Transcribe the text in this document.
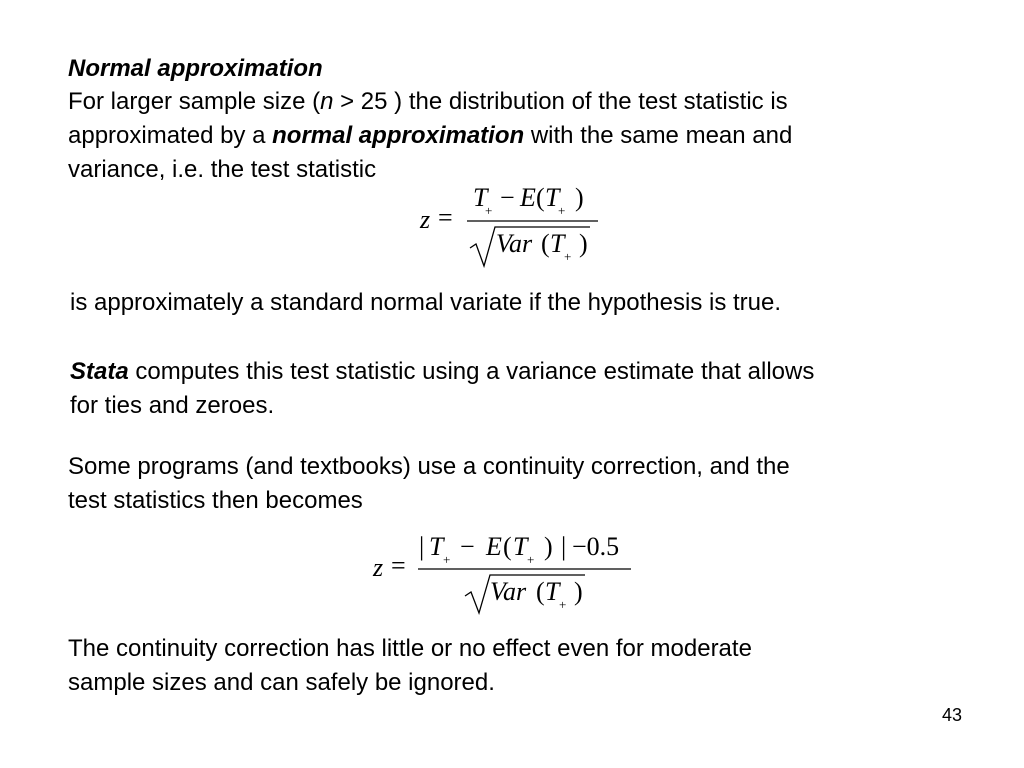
Normal approximation

For larger sample size (n > 25 ) the distribution of the test statistic is

approximated by a normal approximation with the same mean and

variance, i.e. the test statistic

z =
T
+ − E ( T
+ )
Var ( T + )

is approximately a standard normal variate if the hypothesis is true.

Stata computes this test statistic using a variance estimate that allows

for ties and zeroes.

Some programs (and textbooks) use a continuity correction, and the

test statistics then becomes

z =
| T + − E ( T + ) | −0.5
Var ( T + )

The continuity correction has little or no effect even for moderate

sample sizes and can safely be ignored.

43
